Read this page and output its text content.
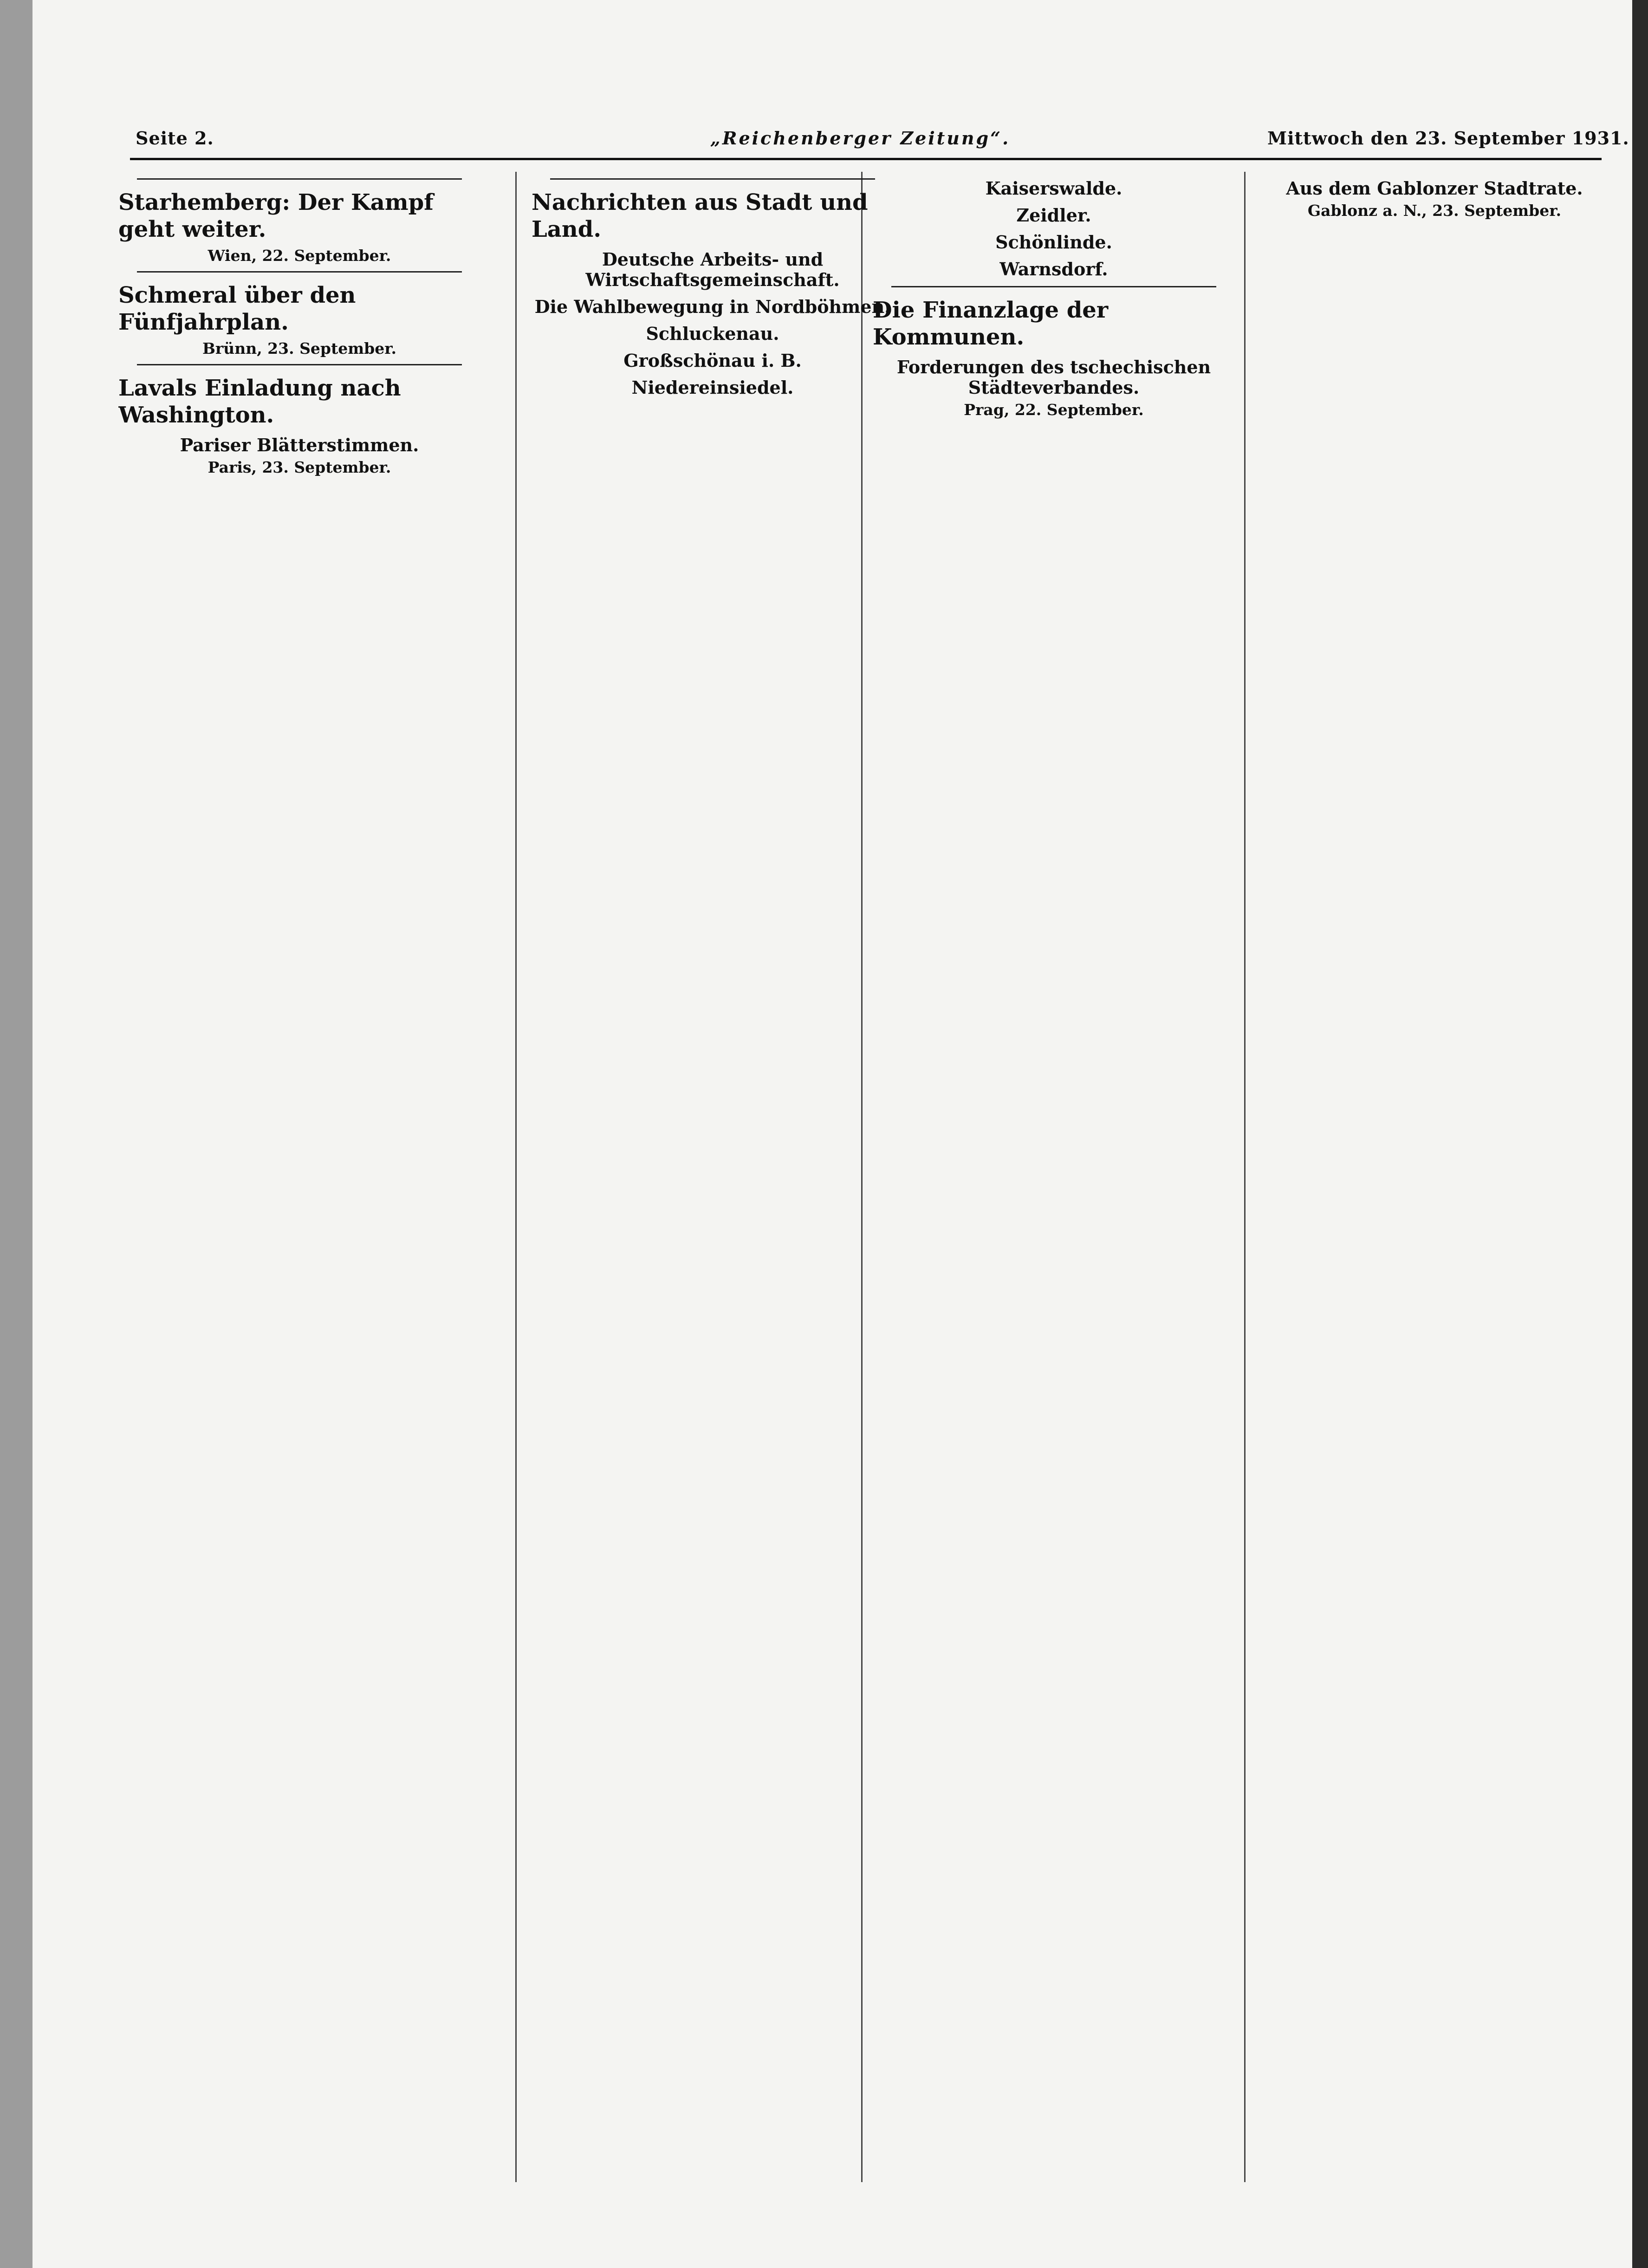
Seite 2.	„Reichenberger Zeitung“.	Mittwoch den 23. September 1931.
Starhemberg: Der Kampf geht weiter.
Wien, 22. September.
Schmeral über den Fünfjahrplan.
Brünn, 23. September.
Lavals Einladung nach Washington.
Pariser Blätterstimmen.
Paris, 23. September.
Nachrichten aus Stadt und Land.
Deutsche Arbeits- und Wirtschaftsgemeinschaft.
Die Wahlbewegung in Nordböhmen.
Schluckenau.
Großschönau i. B.
Niedereinsiedel.
Kaiserswalde.
Zeidler.
Schönlinde.
Warnsdorf.
Die Finanzlage der Kommunen.
Forderungen des tschechischen Städteverbandes.
Prag, 22. September.
Aus dem Gablonzer Stadtrate.
Gablonz a. N., 23. September.
